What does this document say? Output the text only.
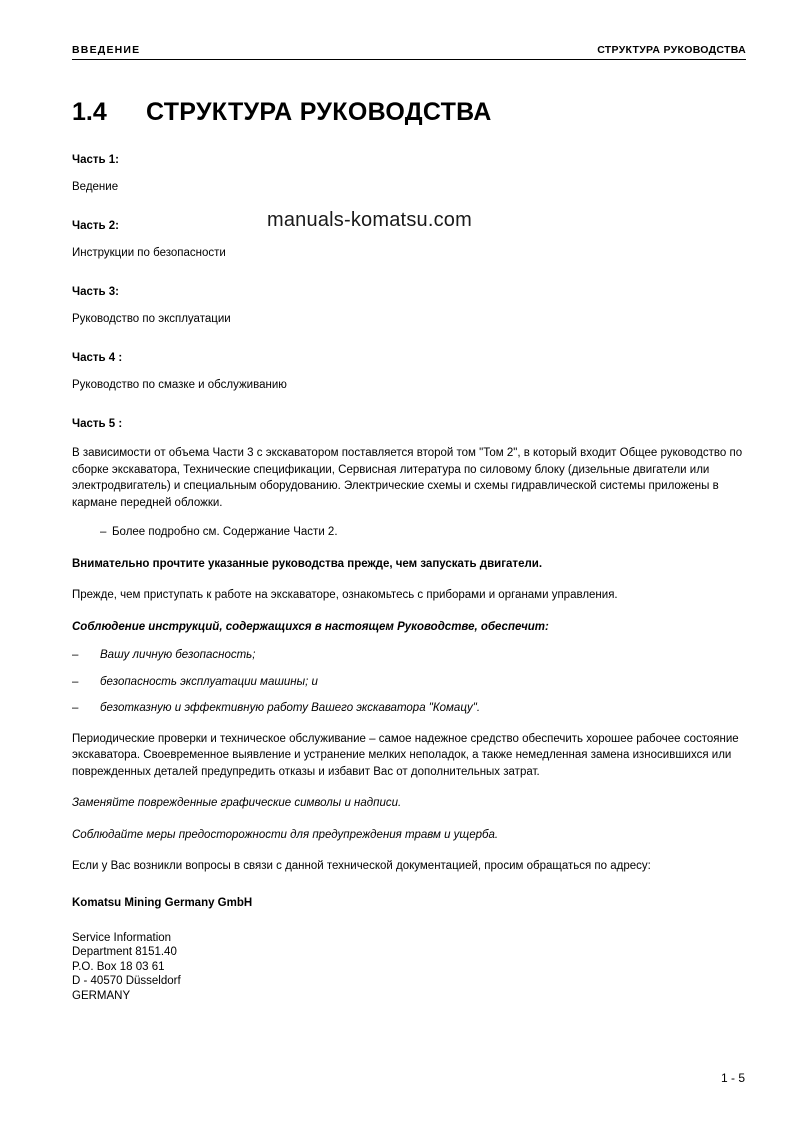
ВВЕДЕНИЕ	СТРУКТУРА РУКОВОДСТВА
1.4	СТРУКТУРА РУКОВОДСТВА
Часть 1:
Ведение
Часть 2:
Инструкции по безопасности
Часть 3:
Руководство по эксплуатации
Часть 4 :
Руководство по смазке и обслуживанию
Часть 5 :
В зависимости от объема Части 3 с экскаватором поставляется второй том "Том 2", в который входит Общее руководство по сборке экскаватора, Технические спецификации, Сервисная литература по силовому блоку (дизельные двигатели или электродвигатель) и специальным оборудованию. Электрические схемы и схемы гидравлической системы приложены в кармане передней обложки.
– Более подробно см. Содержание Части 2.
Внимательно прочтите указанные руководства прежде, чем запускать двигатели.
Прежде, чем приступать к работе на экскаваторе, ознакомьтесь с приборами и органами управления.
Соблюдение инструкций, содержащихся в настоящем Руководстве, обеспечит:
–	Вашу личную безопасность;
–	безопасность эксплуатации машины; и
–	безотказную и эффективную работу Вашего экскаватора "Комацу".
Периодические проверки и техническое обслуживание – самое надежное средство обеспечить хорошее рабочее состояние экскаватора. Своевременное выявление и устранение мелких неполадок, а также немедленная замена износившихся или поврежденных деталей предупредить отказы и избавит Вас от дополнительных затрат.
Заменяйте поврежденные графические символы и надписи.
Соблюдайте меры предосторожности для предупреждения травм и ущерба.
Если у Вас возникли вопросы в связи с данной технической документацией, просим обращаться по адресу:
Komatsu Mining Germany GmbH
Service Information
Department 8151.40
P.O. Box 18 03 61
D - 40570 Düsseldorf
GERMANY
manuals-komatsu.com
1 - 5
